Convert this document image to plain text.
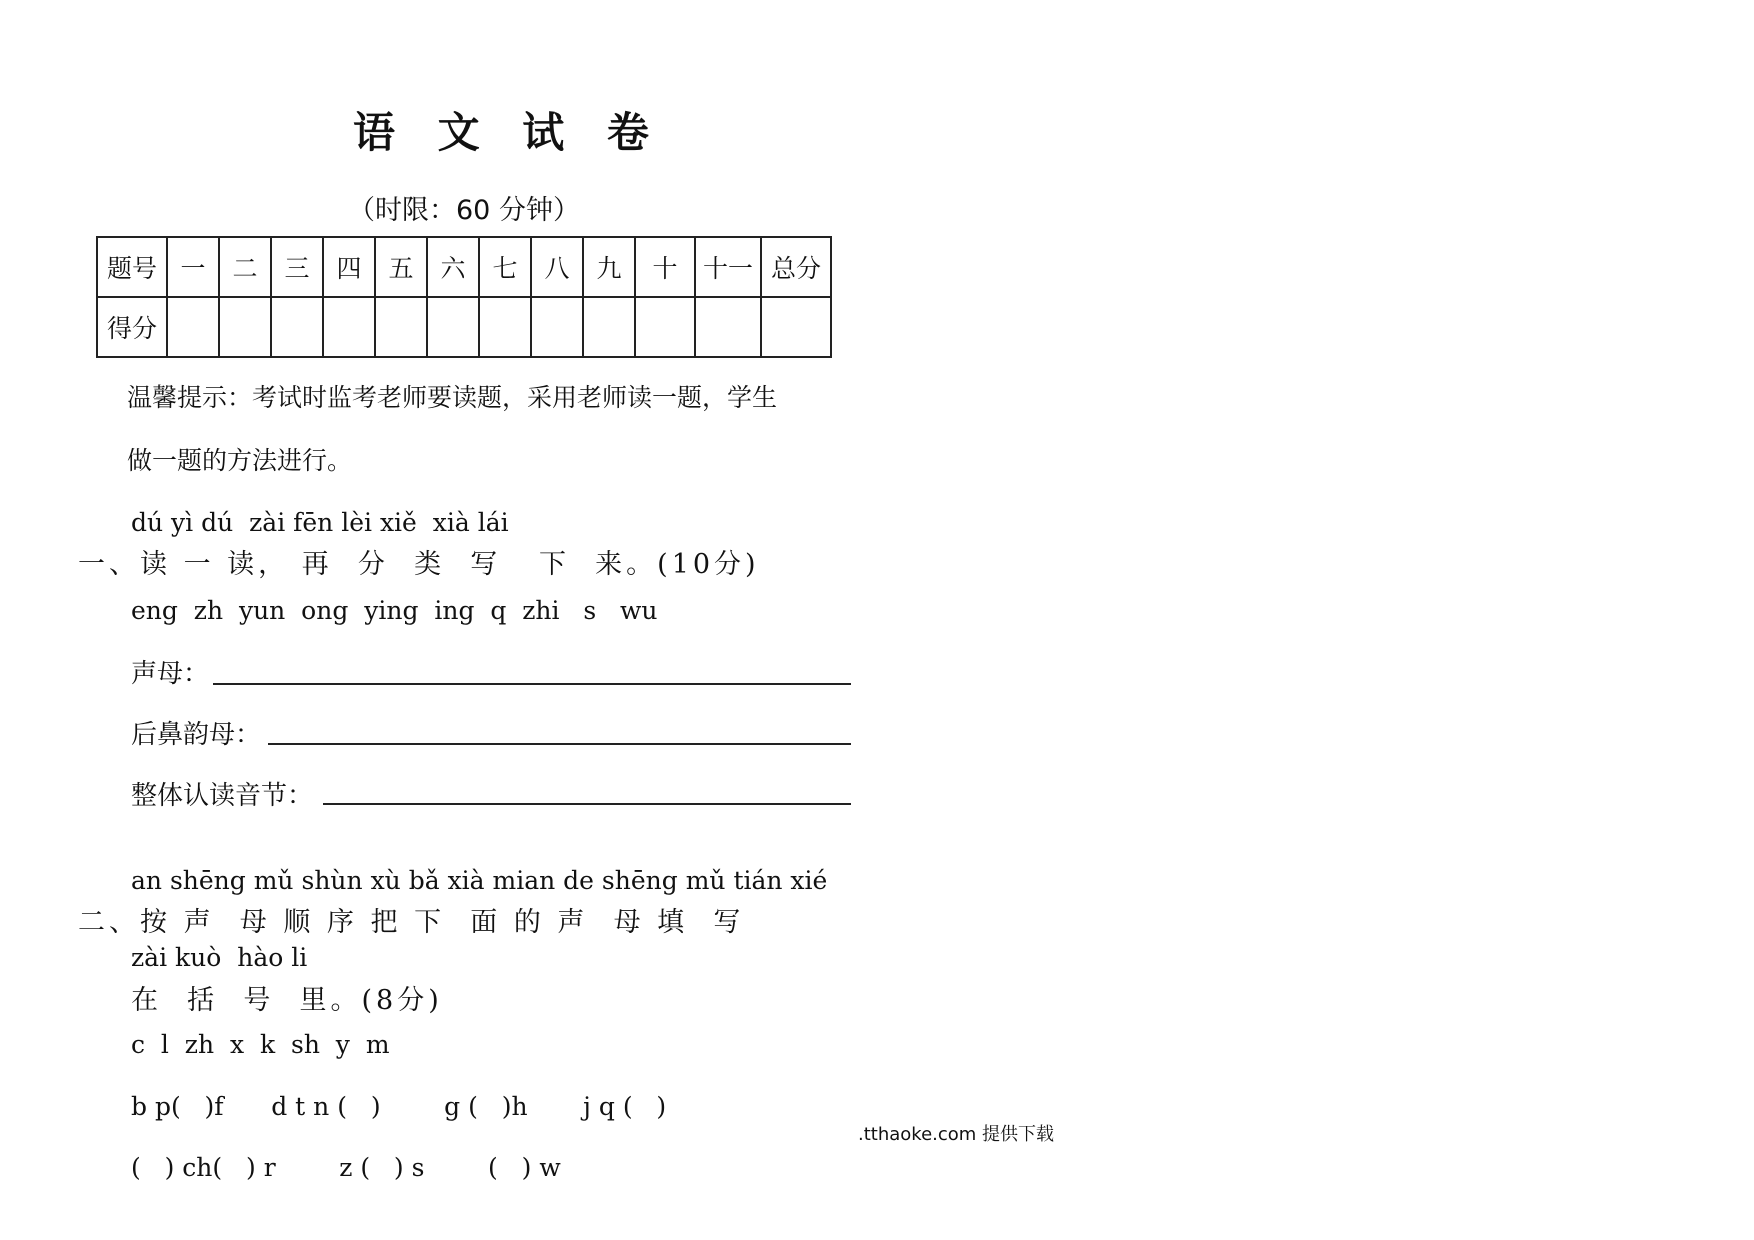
语 文 试 卷
（时限：60 分钟）
题号	一	二	三	四	五	六	七	八	九	十	十一	总分
得分												
温馨提示：考试时监考老师要读题，采用老师读一题，学生
做一题的方法进行。
dú yì dú  zài fēn lèi xiě  xià lái
一、读 一 读， 再  分  类  写   下  来。(10分)
eng  zh  yun  ong  ying  ing  q  zhi   s   wu
声母：
后鼻韵母：
整体认读音节：
an shēng mǔ shùn xù bǎ xià mian de shēng mǔ tián xié
二、按 声  母 顺 序 把 下  面 的 声  母 填  写
zài kuò  hào li
在  括  号  里。(8分)
c  l  zh  x  k  sh  y  m
b p(   )f      d t n (   )        g (   )h       j q (   )
(   ) ch(   ) r        z (   ) s        (   ) w
.tthaoke.com 提供下载
